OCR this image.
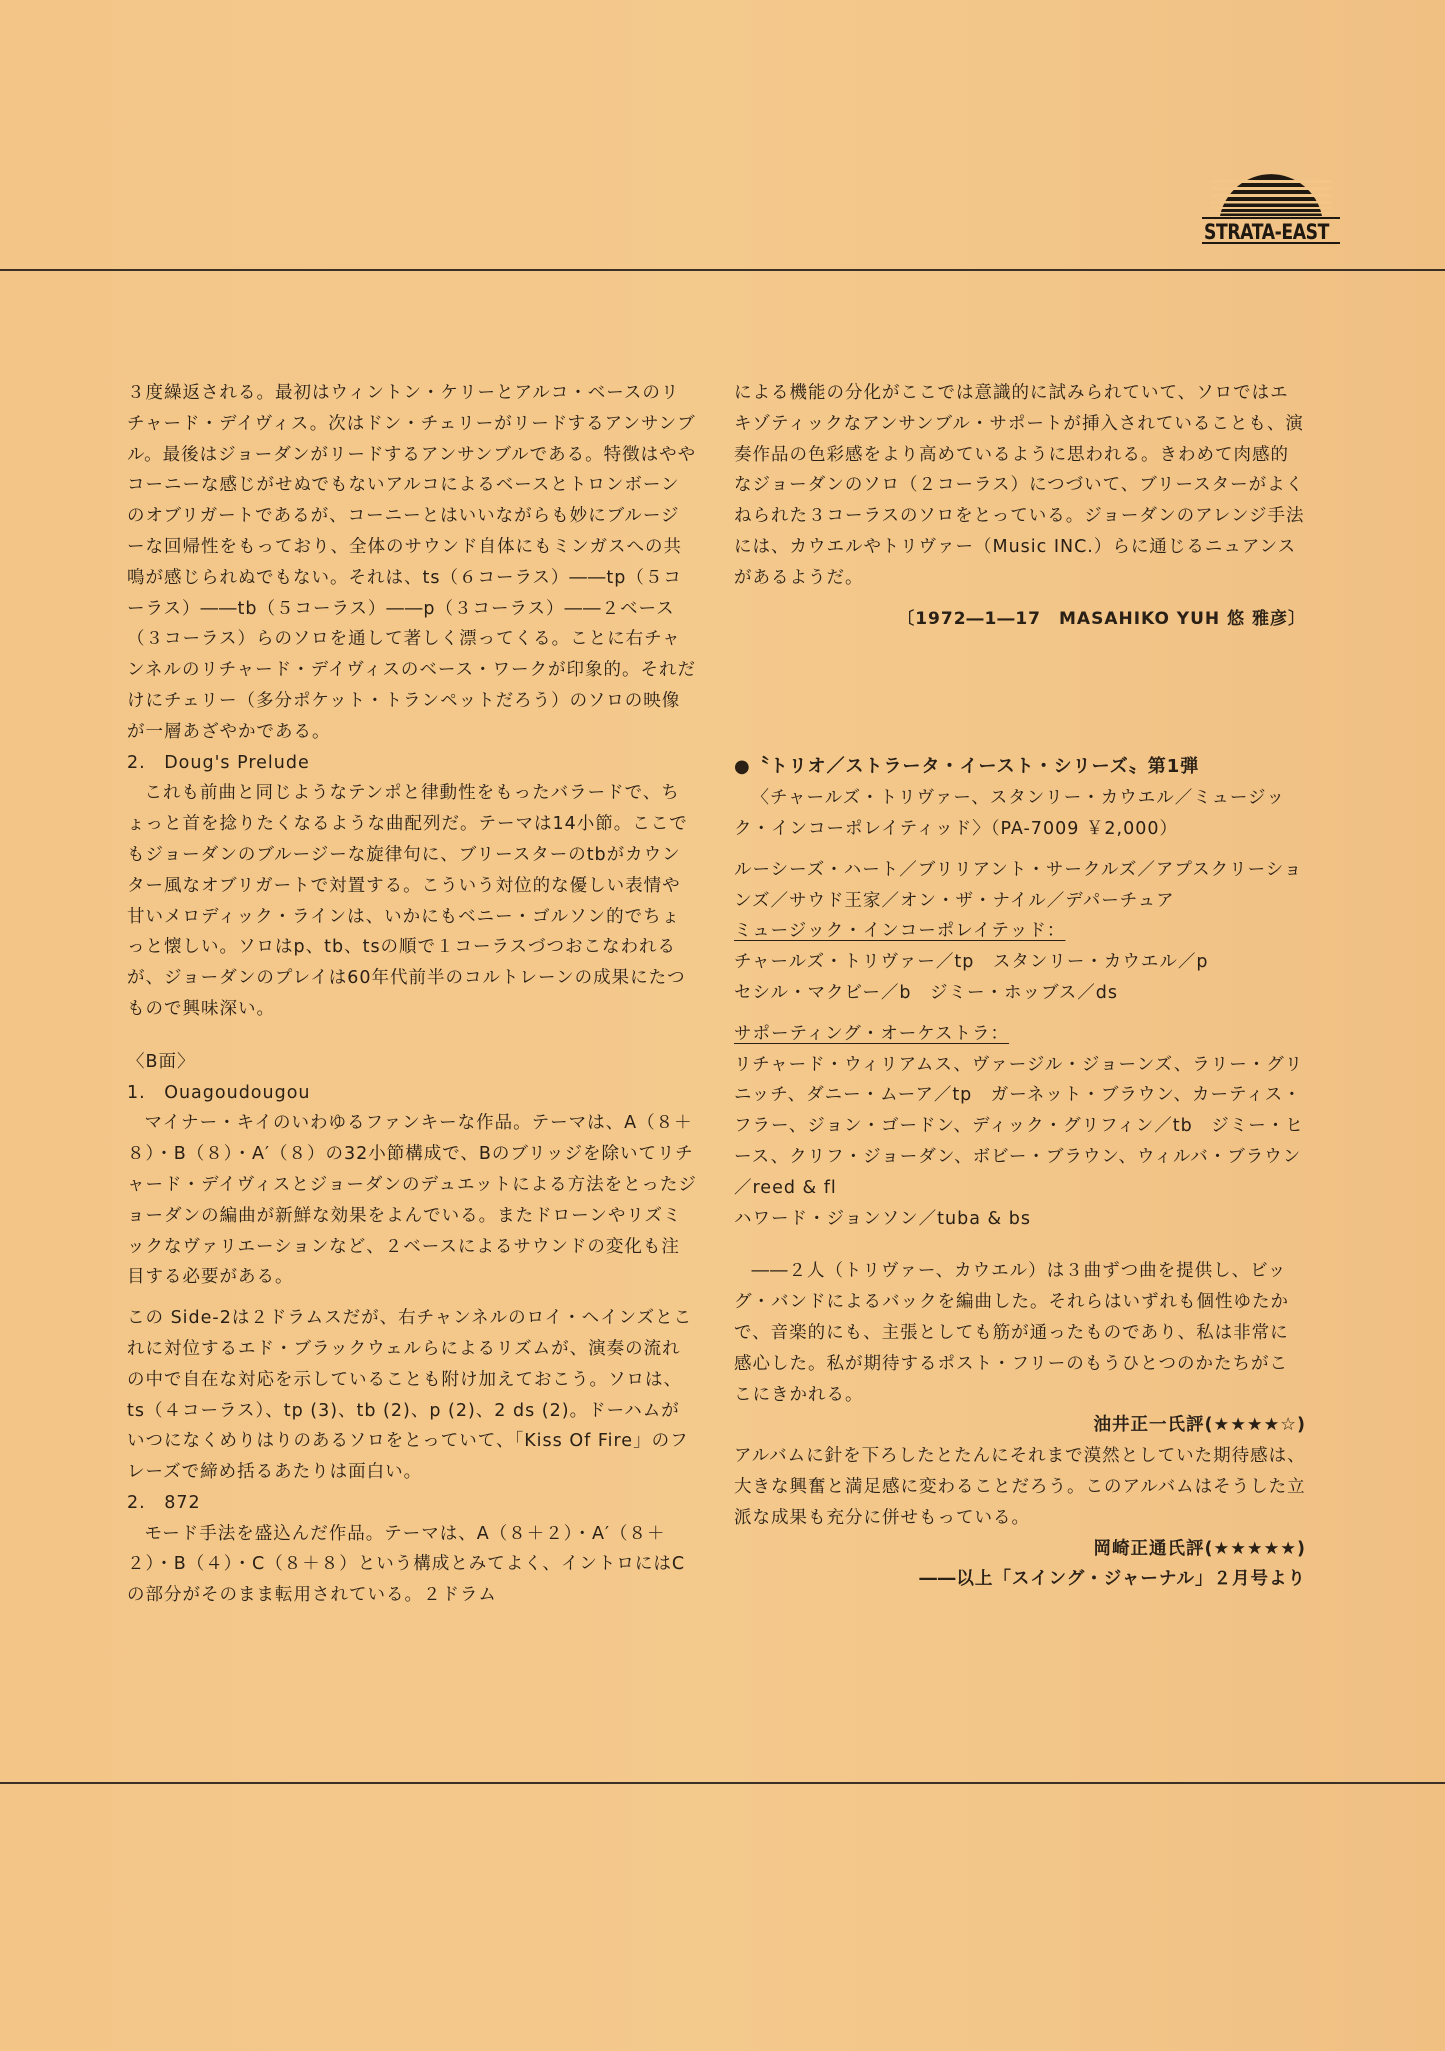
STRATA-EAST

３度繰返される。最初はウィントン・ケリーとアルコ・ベースのリチャード・デイヴィス。次はドン・チェリーがリードするアンサンブル。最後はジョーダンがリードするアンサンブルである。特徴はややコーニーな感じがせぬでもないアルコによるベースとトロンボーンのオブリガートであるが、コーニーとはいいながらも妙にブルージーな回帰性をもっており、全体のサウンド自体にもミンガスへの共鳴が感じられぬでもない。それは、ts（６コーラス）――tp（５コーラス）――tb（５コーラス）――p（３コーラス）――２ベース（３コーラス）らのソロを通して著しく漂ってくる。ことに右チャンネルのリチャード・デイヴィスのベース・ワークが印象的。それだけにチェリー（多分ポケット・トランペットだろう）のソロの映像が一層あざやかである。

2.　Doug's Prelude

これも前曲と同じようなテンポと律動性をもったバラードで、ちょっと首を捻りたくなるような曲配列だ。テーマは14小節。ここでもジョーダンのブルージーな旋律句に、ブリースターのtbがカウンター風なオブリガートで対置する。こういう対位的な優しい表情や甘いメロディック・ラインは、いかにもベニー・ゴルソン的でちょっと懐しい。ソロはp、tb、tsの順で１コーラスづつおこなわれるが、ジョーダンのプレイは60年代前半のコルトレーンの成果にたつもので興味深い。

〈B面〉

1.　Ouagoudougou

マイナー・キイのいわゆるファンキーな作品。テーマは、A（８＋８）・B（８）・A′（８）の32小節構成で、Bのブリッジを除いてリチャード・デイヴィスとジョーダンのデュエットによる方法をとったジョーダンの編曲が新鮮な効果をよんでいる。またドローンやリズミックなヴァリエーションなど、２ベースによるサウンドの変化も注目する必要がある。

この Side-2は２ドラムスだが、右チャンネルのロイ・ヘインズとこれに対位するエド・ブラックウェルらによるリズムが、演奏の流れの中で自在な対応を示していることも附け加えておこう。ソロは、ts（４コーラス）、tp (3)、tb (2)、p (2)、2 ds (2)。ドーハムがいつになくめりはりのあるソロをとっていて、「Kiss Of Fire」のフレーズで締め括るあたりは面白い。

2.　872

モード手法を盛込んだ作品。テーマは、A（８＋２）・A′（８＋２）・B（４）・C（８＋８）という構成とみてよく、イントロにはCの部分がそのまま転用されている。２ドラム

による機能の分化がここでは意識的に試みられていて、ソロではエキゾティックなアンサンブル・サポートが挿入されていることも、演奏作品の色彩感をより高めているように思われる。きわめて肉感的なジョーダンのソロ（２コーラス）につづいて、ブリースターがよくねられた３コーラスのソロをとっている。ジョーダンのアレンジ手法には、カウエルやトリヴァー（Music INC.）らに通じるニュアンスがあるようだ。

〔1972―1―17　MASAHIKO YUH 悠 雅彦〕

●〝トリオ／ストラータ・イースト・シリーズ〟第1弾

〈チャールズ・トリヴァー、スタンリー・カウエル／ミュージック・インコーポレイティッド〉（PA-7009 ￥2,000）

ルーシーズ・ハート／ブリリアント・サークルズ／アプスクリーションズ／サウド王家／オン・ザ・ナイル／デパーチュア

ミュージック・インコーポレイテッド：

チャールズ・トリヴァー／tp　スタンリー・カウエル／p

セシル・マクビー／b　ジミー・ホッブス／ds

サポーティング・オーケストラ：

リチャード・ウィリアムス、ヴァージル・ジョーンズ、ラリー・グリニッチ、ダニー・ムーア／tp　ガーネット・ブラウン、カーティス・フラー、ジョン・ゴードン、ディック・グリフィン／tb　ジミー・ヒース、クリフ・ジョーダン、ボビー・ブラウン、ウィルバ・ブラウン／reed & fl

ハワード・ジョンソン／tuba & bs

――２人（トリヴァー、カウエル）は３曲ずつ曲を提供し、ビッグ・バンドによるバックを編曲した。それらはいずれも個性ゆたかで、音楽的にも、主張としても筋が通ったものであり、私は非常に感心した。私が期待するポスト・フリーのもうひとつのかたちがここにきかれる。

油井正一氏評(★★★★☆)

アルバムに針を下ろしたとたんにそれまで漠然としていた期待感は、大きな興奮と満足感に変わることだろう。このアルバムはそうした立派な成果も充分に併せもっている。

岡崎正通氏評(★★★★★)

――以上「スイング・ジャーナル」２月号より
